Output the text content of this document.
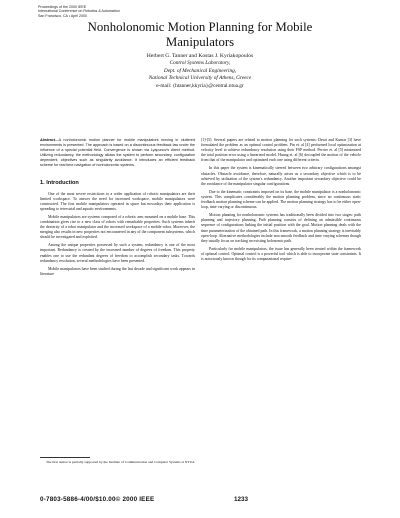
Proceedings of the 2000 IEEE
International Conference on Robotics & Automation
San Francisco, CA • April 2000
Nonholonomic Motion Planning for Mobile
Manipulators
Herbert G. Tanner and Kostas J. Kyriakopoulos
Control Systems Laboratory,
Dept. of Mechanical Engineering,
National Technical University of Athens, Greece
e-mail: {htanner,kkyria}@central.ntua.gr
Abstract—A nonholonomic motion planner for mobile manipulators moving in cluttered environments is presented. The approach is based on a discontinuous feedback law under the influence of a special potential field. Convergence is shown via Lyapunov's direct method. Utilizing redundancy, the methodology allows the system to perform secondary, configuration dependent, objectives such as singularity avoidance. It introduces an efficient feedback scheme for real time navigation of nonholonomic systems.
1. Introduction

One of the most severe restrictions to a wider application of robotic manipulators are their limited workspace. To answer the need for increased workspace, mobile manipulators were constructed. The first mobile manipulators operated in space but nowadays their application is spreading to terrestrial and aquatic environments.

Mobile manipulators are systems composed of a robotic arm mounted on a mobile base. This combination gives rise to a new class of robots with remarkable properties. Such systems inherit the dexterity of a robot manipulator and the increased workspace of a mobile robot. Moreover, the merging also results in new properties not encountered in any of the component subsystems, which should be investigated and exploited.

Among the unique properties possessed by such a system, redundancy is one of the most important. Redundancy is created by the increased number of degrees of freedom. This property enables one to use the redundant degrees of freedom to accomplish secondary tasks. Towards redundancy resolution, several methodologies have been presented.

Mobile manipulators have been studied during the last decade and significant work appears in literature

The first author is partially supported by the Institute of Communication and Computer Systems at NTUA

[1]-[5]. Several papers are related to motion planning for such systems: Desai and Kumar [3] have formulated the problem as an optimal control problem. Pin et. al [4] performed local optimization at velocity level to achieve redundancy resolution using their FSP method. Perrier et. al [5] minimized the total position error using a linearized model. Huang et. al [6] decoupled the motion of the vehicle from that of the manipulator and optimized each one using different criteria.

In this paper the system is kinematically steered between two arbitrary configurations amongst obstacles. Obstacle avoidance, therefore, naturally arises as a secondary objective which is to be achieved by utilization of the system's redundancy. Another important secondary objective could be the avoidance of the manipulator singular configurations.

Due to the kinematic constraints imposed on its base, the mobile manipulator is a nonholonomic system. This complicates considerably the motion planning problem, since no continuous static feedback motion planning scheme can be applied. The motion planning strategy has to be either open-loop, time varying or discontinuous.

Motion planning for nonholonomic systems has traditionally been divided into two stages: path planning and trajectory planning. Path planning consists of defining an admissible continuous sequence of configurations linking the initial position with the goal. Motion planning deals with the time parameterization of the obtained path. In this framework, a motion planning strategy is inevitably open-loop. Alternative methodologies include non smooth feedback and time varying schemes though they usually focus on tracking an existing holonomic path.

Particularly for mobile manipulators, the issue has generally been treated within the framework of optimal control. Optimal control is a powerful tool which is able to incorporate state constraints. It is notoriously known though for its computational require-

0-7803-5886-4/00/$10.00© 2000 IEEE	1233
